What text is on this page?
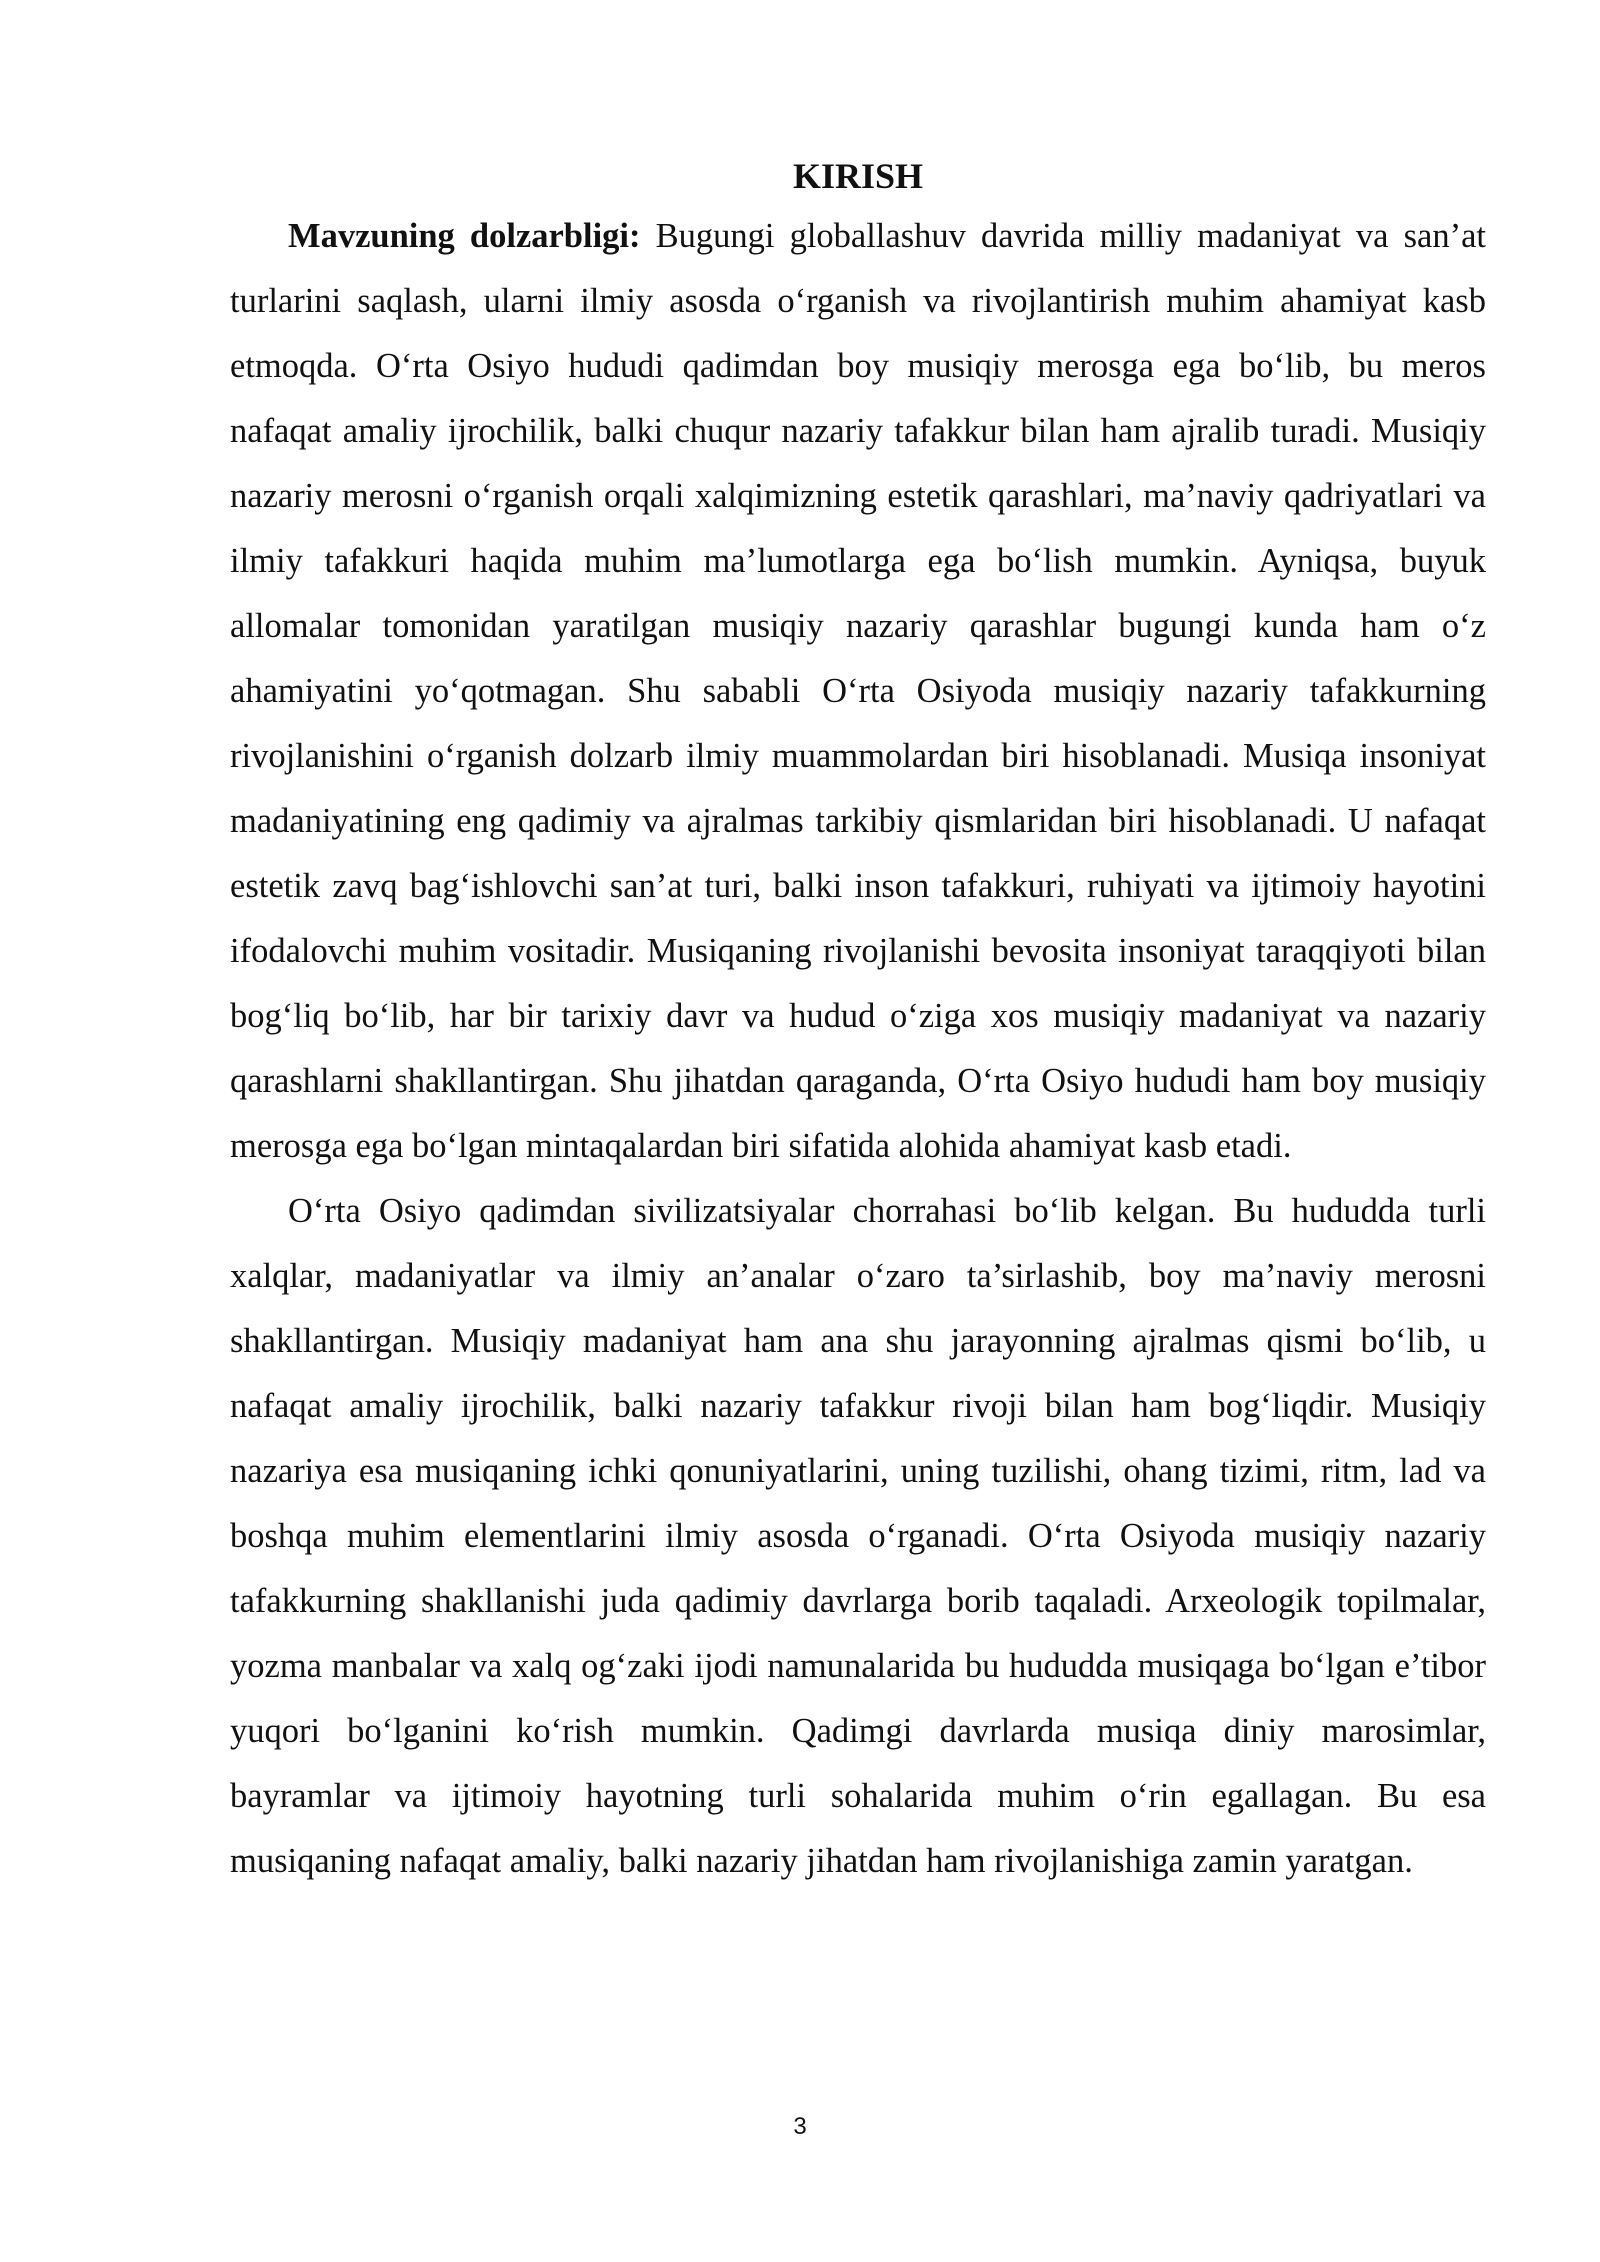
KIRISH

Mavzuning dolzarbligi: Bugungi globallashuv davrida milliy madaniyat va san’at turlarini saqlash, ularni ilmiy asosda o‘rganish va rivojlantirish muhim ahamiyat kasb etmoqda. O‘rta Osiyo hududi qadimdan boy musiqiy merosga ega bo‘lib, bu meros nafaqat amaliy ijrochilik, balki chuqur nazariy tafakkur bilan ham ajralib turadi. Musiqiy nazariy merosni o‘rganish orqali xalqimizning estetik qarashlari, ma’naviy qadriyatlari va ilmiy tafakkuri haqida muhim ma’lumotlarga ega bo‘lish mumkin. Ayniqsa, buyuk allomalar tomonidan yaratilgan musiqiy nazariy qarashlar bugungi kunda ham o‘z ahamiyatini yo‘qotmagan. Shu sababli O‘rta Osiyoda musiqiy nazariy tafakkurning rivojlanishini o‘rganish dolzarb ilmiy muammolardan biri hisoblanadi. Musiqa insoniyat madaniyatining eng qadimiy va ajralmas tarkibiy qismlaridan biri hisoblanadi. U nafaqat estetik zavq bag‘ishlovchi san’at turi, balki inson tafakkuri, ruhiyati va ijtimoiy hayotini ifodalovchi muhim vositadir. Musiqaning rivojlanishi bevosita insoniyat taraqqiyoti bilan bog‘liq bo‘lib, har bir tarixiy davr va hudud o‘ziga xos musiqiy madaniyat va nazariy qarashlarni shakllantirgan. Shu jihatdan qaraganda, O‘rta Osiyo hududi ham boy musiqiy merosga ega bo‘lgan mintaqalardan biri sifatida alohida ahamiyat kasb etadi.

O‘rta Osiyo qadimdan sivilizatsiyalar chorrahasi bo‘lib kelgan. Bu hududda turli xalqlar, madaniyatlar va ilmiy an’analar o‘zaro ta’sirlashib, boy ma’naviy merosni shakllantirgan. Musiqiy madaniyat ham ana shu jarayonning ajralmas qismi bo‘lib, u nafaqat amaliy ijrochilik, balki nazariy tafakkur rivoji bilan ham bog‘liqdir. Musiqiy nazariya esa musiqaning ichki qonuniyatlarini, uning tuzilishi, ohang tizimi, ritm, lad va boshqa muhim elementlarini ilmiy asosda o‘rganadi. O‘rta Osiyoda musiqiy nazariy tafakkurning shakllanishi juda qadimiy davrlarga borib taqaladi. Arxeologik topilmalar, yozma manbalar va xalq og‘zaki ijodi namunalarida bu hududda musiqaga bo‘lgan e’tibor yuqori bo‘lganini ko‘rish mumkin. Qadimgi davrlarda musiqa diniy marosimlar, bayramlar va ijtimoiy hayotning turli sohalarida muhim o‘rin egallagan. Bu esa musiqaning nafaqat amaliy, balki nazariy jihatdan ham rivojlanishiga zamin yaratgan.

3
